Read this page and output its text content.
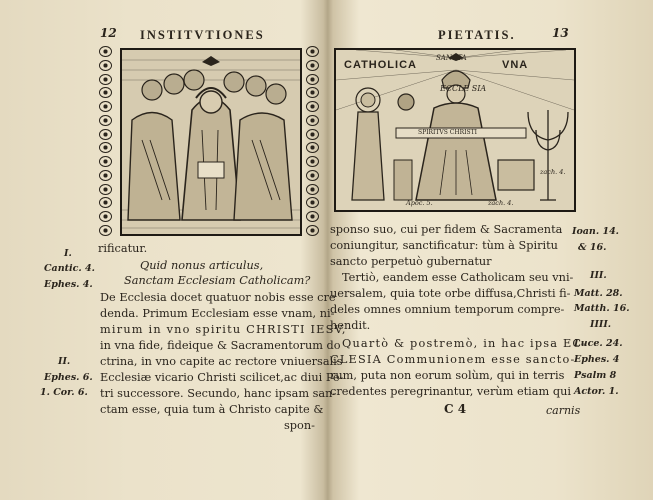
12 INSTITVTIONES
I.
Cantic. 4.
Ephes. 4.
II.
Ephes. 6.
1. Cor. 6.
rificatur.
Quid nonus articulus,
Sanctam Ecclesiam Catholicam?
De Ecclesia docet quatuor nobis esse cre
denda. Primum Ecclesiam esse vnam, ni-
mirum in vno spiritu CHRISTI IESV,
in vna fide, fideique & Sacramentorum do
ctrina, in vno capite ac rectore vniuersalis
Ecclesiæ vicario Christi scilicet,ac diui Pe-
tri successore. Secundo, hanc ipsam san-
ctam esse, quia tum à Christo capite &
spon-
PIETATIS.	13
CATHOLICA
SANCTA
VNA
ECCLE SIA
SPIRITVS CHRISTI
Apoc. 5.	zach. 4.
zach. 4.
sponso suo, cui per fidem & Sacramenta
coniungitur, sanctificatur: tùm à Spiritu
sancto perpetuò gubernatur
Tertiò, eandem esse Catholicam seu vni-
uersalem, quia tote orbe diffusa,Christi fi-
deles omnes omnium temporum compre-
hendit.
Quartò & postremò, in hac ipsa EC-
CLESIA Communionem esse sancto-
rum, puta non eorum solùm, qui in terris
credentes peregrinantur, verùm etiam qui
Ioan. 14.
& 16.
III.
Matt. 28.
Matth. 16.
IIII.
Luce. 24.
Ephes. 4
Psalm 8
Actor. 1.
C 4	carnis
